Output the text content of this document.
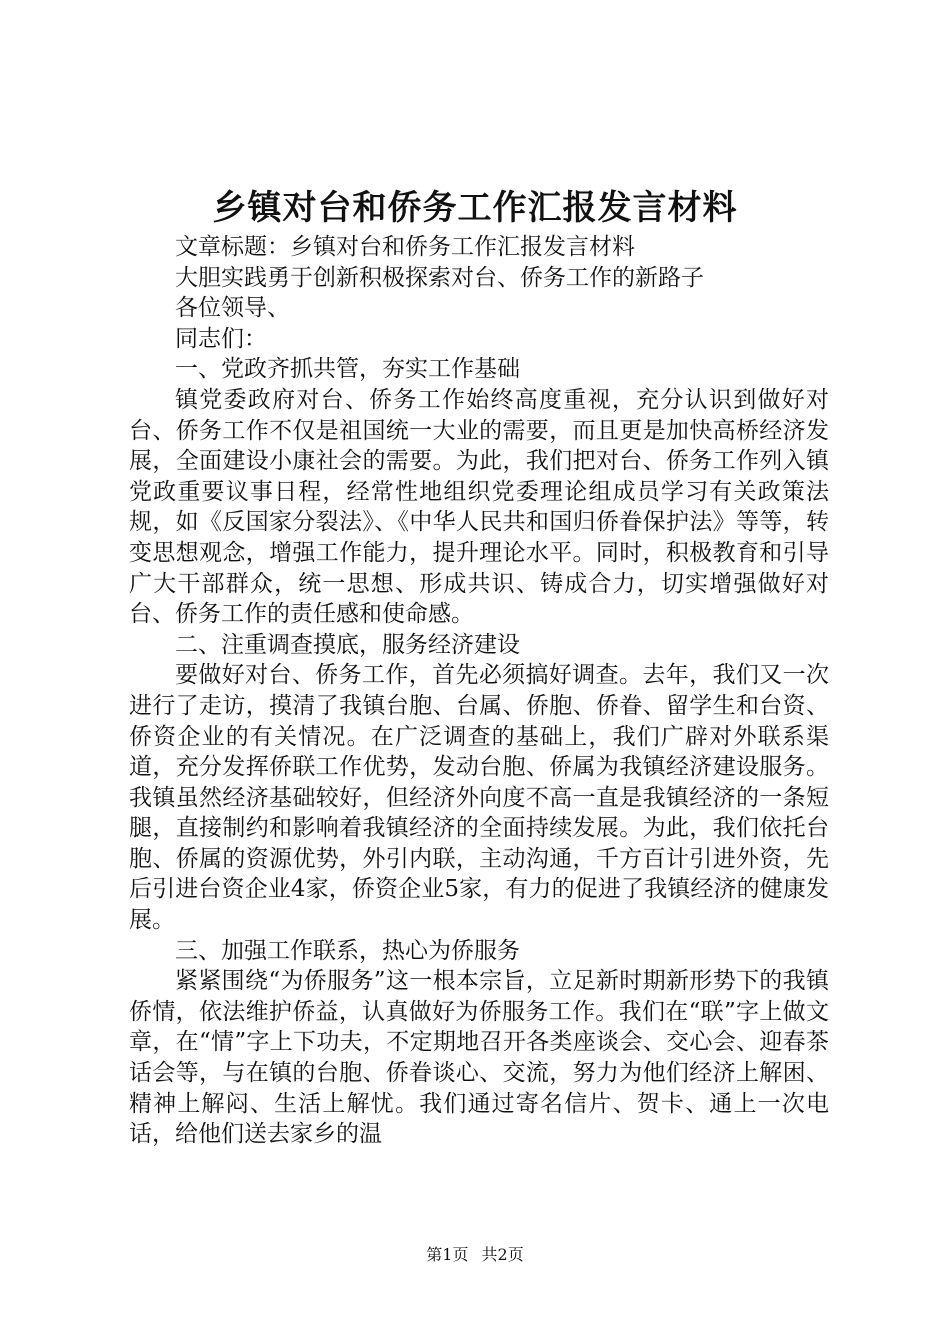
乡镇对台和侨务工作汇报发言材料

文章标题：乡镇对台和侨务工作汇报发言材料

大胆实践勇于创新积极探索对台、侨务工作的新路子

各位领导、

同志们：

一、党政齐抓共管，夯实工作基础

镇党委政府对台、侨务工作始终高度重视，充分认识到做好对台、侨务工作不仅是祖国统一大业的需要，而且更是加快高桥经济发展，全面建设小康社会的需要。为此，我们把对台、侨务工作列入镇党政重要议事日程，经常性地组织党委理论组成员学习有关政策法规，如《反国家分裂法》、《中华人民共和国归侨眷保护法》等等，转变思想观念，增强工作能力，提升理论水平。同时，积极教育和引导广大干部群众，统一思想、形成共识、铸成合力，切实增强做好对台、侨务工作的责任感和使命感。

二、注重调查摸底，服务经济建设

要做好对台、侨务工作，首先必须搞好调查。去年，我们又一次进行了走访，摸清了我镇台胞、台属、侨胞、侨眷、留学生和台资、侨资企业的有关情况。在广泛调查的基础上，我们广辟对外联系渠道，充分发挥侨联工作优势，发动台胞、侨属为我镇经济建设服务。我镇虽然经济基础较好，但经济外向度不高一直是我镇经济的一条短腿，直接制约和影响着我镇经济的全面持续发展。为此，我们依托台胞、侨属的资源优势，外引内联，主动沟通，千方百计引进外资，先后引进台资企业4家，侨资企业5家，有力的促进了我镇经济的健康发展。

三、加强工作联系，热心为侨服务

紧紧围绕“为侨服务”这一根本宗旨，立足新时期新形势下的我镇侨情，依法维护侨益，认真做好为侨服务工作。我们在“联”字上做文章，在“情”字上下功夫，不定期地召开各类座谈会、交心会、迎春茶话会等，与在镇的台胞、侨眷谈心、交流，努力为他们经济上解困、精神上解闷、生活上解忧。我们通过寄名信片、贺卡、通上一次电话，给他们送去家乡的温

第1页 共2页
